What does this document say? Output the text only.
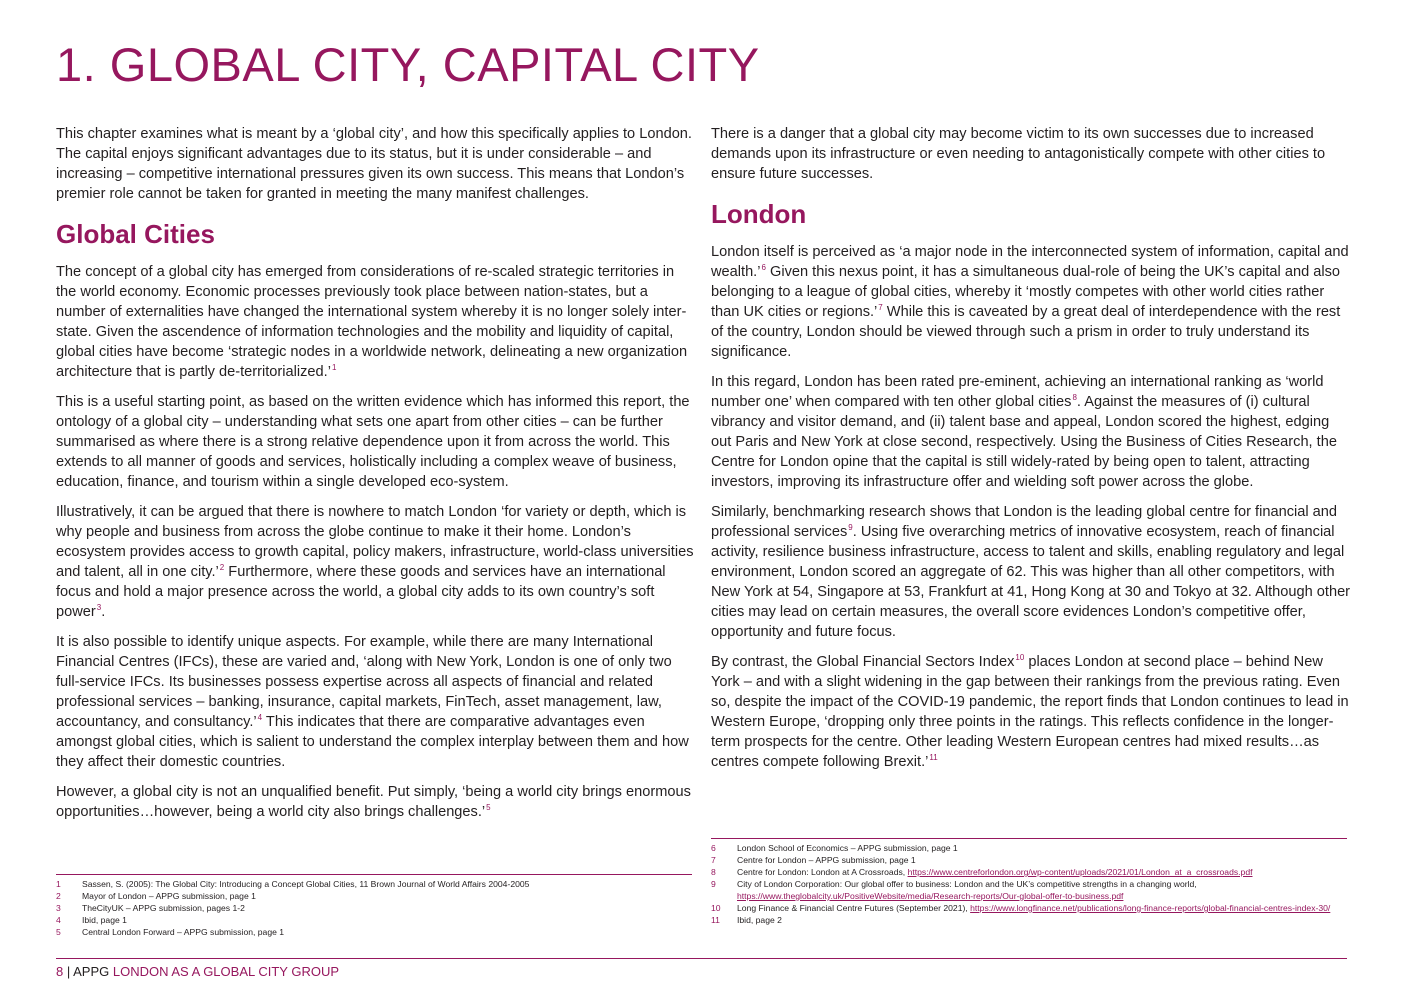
1. GLOBAL CITY, CAPITAL CITY

This chapter examines what is meant by a ‘global city’, and how this specifically applies to London. The capital enjoys significant advantages due to its status, but it is under considerable – and increasing – competitive international pressures given its own success. This means that London’s premier role cannot be taken for granted in meeting the many manifest challenges.

Global Cities

The concept of a global city has emerged from considerations of re-scaled strategic territories in the world economy. Economic processes previously took place between nation-states, but a number of externalities have changed the international system whereby it is no longer solely inter-state. Given the ascendence of information technologies and the mobility and liquidity of capital, global cities have become ‘strategic nodes in a worldwide network, delineating a new organization architecture that is partly de-territorialized.’$^1$

This is a useful starting point, as based on the written evidence which has informed this report, the ontology of a global city – understanding what sets one apart from other cities – can be further summarised as where there is a strong relative dependence upon it from across the world. This extends to all manner of goods and services, holistically including a complex weave of business, education, finance, and tourism within a single developed eco-system.

Illustratively, it can be argued that there is nowhere to match London ‘for variety or depth, which is why people and business from across the globe continue to make it their home. London’s ecosystem provides access to growth capital, policy makers, infrastructure, world-class universities and talent, all in one city.’$^2$ Furthermore, where these goods and services have an international focus and hold a major presence across the world, a global city adds to its own country’s soft power$^3$.

It is also possible to identify unique aspects. For example, while there are many International Financial Centres (IFCs), these are varied and, ‘along with New York, London is one of only two full-service IFCs. Its businesses possess expertise across all aspects of financial and related professional services – banking, insurance, capital markets, FinTech, asset management, law, accountancy, and consultancy.’$^4$ This indicates that there are comparative advantages even amongst global cities, which is salient to understand the complex interplay between them and how they affect their domestic countries.

However, a global city is not an unqualified benefit. Put simply, ‘being a world city brings enormous opportunities…however, being a world city also brings challenges.’$^5$

There is a danger that a global city may become victim to its own successes due to increased demands upon its infrastructure or even needing to antagonistically compete with other cities to ensure future successes.

London

London itself is perceived as ‘a major node in the interconnected system of information, capital and wealth.’$^6$ Given this nexus point, it has a simultaneous dual-role of being the UK’s capital and also belonging to a league of global cities, whereby it ‘mostly competes with other world cities rather than UK cities or regions.’$^7$ While this is caveated by a great deal of interdependence with the rest of the country, London should be viewed through such a prism in order to truly understand its significance.

In this regard, London has been rated pre-eminent, achieving an international ranking as ‘world number one’ when compared with ten other global cities$^8$. Against the measures of (i) cultural vibrancy and visitor demand, and (ii) talent base and appeal, London scored the highest, edging out Paris and New York at close second, respectively. Using the Business of Cities Research, the Centre for London opine that the capital is still widely-rated by being open to talent, attracting investors, improving its infrastructure offer and wielding soft power across the globe.

Similarly, benchmarking research shows that London is the leading global centre for financial and professional services$^9$. Using five overarching metrics of innovative ecosystem, reach of financial activity, resilience business infrastructure, access to talent and skills, enabling regulatory and legal environment, London scored an aggregate of 62. This was higher than all other competitors, with New York at 54, Singapore at 53, Frankfurt at 41, Hong Kong at 30 and Tokyo at 32. Although other cities may lead on certain measures, the overall score evidences London’s competitive offer, opportunity and future focus.

By contrast, the Global Financial Sectors Index$^{10}$ places London at second place – behind New York – and with a slight widening in the gap between their rankings from the previous rating. Even so, despite the impact of the COVID-19 pandemic, the report finds that London continues to lead in Western Europe, ‘dropping only three points in the ratings. This reflects confidence in the longer-term prospects for the centre. Other leading Western European centres had mixed results…as centres compete following Brexit.’$^{11}$

1	Sassen, S. (2005): The Global City: Introducing a Concept Global Cities, 11 Brown Journal of World Affairs 2004-2005
2	Mayor of London – APPG submission, page 1
3	TheCityUK – APPG submission, pages 1-2
4	Ibid, page 1
5	Central London Forward – APPG submission, page 1
6	London School of Economics – APPG submission, page 1
7	Centre for London – APPG submission, page 1
8	Centre for London: London at A Crossroads, https://www.centreforlondon.org/wp-content/uploads/2021/01/London_at_a_crossroads.pdf
9	City of London Corporation: Our global offer to business: London and the UK’s competitive strengths in a changing world, https://www.theglobalcity.uk/PositiveWebsite/media/Research-reports/Our-global-offer-to-business.pdf
10	Long Finance & Financial Centre Futures (September 2021), https://www.longfinance.net/publications/long-finance-reports/global-financial-centres-index-30/
11	Ibid, page 2
8 | APPG LONDON AS A GLOBAL CITY GROUP
